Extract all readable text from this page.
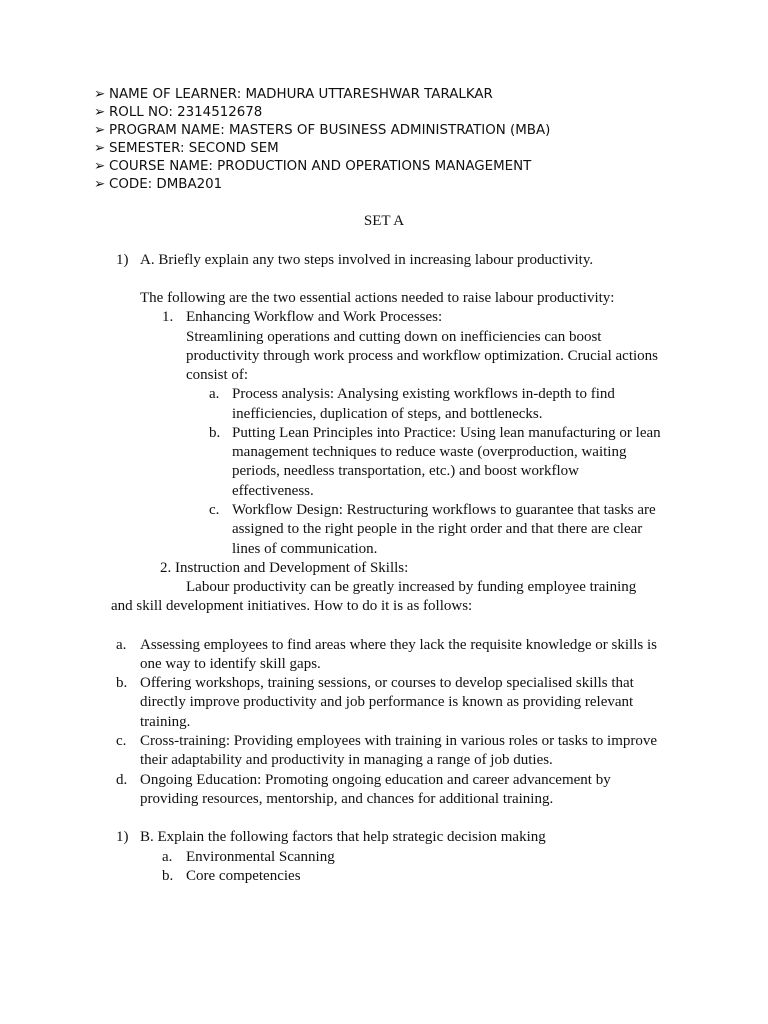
➢ NAME OF LEARNER: MADHURA UTTARESHWAR TARALKAR
➢ ROLL NO: 2314512678
➢ PROGRAM NAME: MASTERS OF BUSINESS ADMINISTRATION (MBA)
➢ SEMESTER: SECOND SEM
➢ COURSE NAME: PRODUCTION AND OPERATIONS MANAGEMENT
➢ CODE: DMBA201
SET A
1) A. Briefly explain any two steps involved in increasing labour productivity.
The following are the two essential actions needed to raise labour productivity:
1. Enhancing Workflow and Work Processes:
Streamlining operations and cutting down on inefficiencies can boost
productivity through work process and workflow optimization. Crucial actions
consist of:
a. Process analysis: Analysing existing workflows in-depth to find
inefficiencies, duplication of steps, and bottlenecks.
b. Putting Lean Principles into Practice: Using lean manufacturing or lean
management techniques to reduce waste (overproduction, waiting
periods, needless transportation, etc.) and boost workflow
effectiveness.
c. Workflow Design: Restructuring workflows to guarantee that tasks are
assigned to the right people in the right order and that there are clear
lines of communication.
2. Instruction and Development of Skills:
Labour productivity can be greatly increased by funding employee training
and skill development initiatives. How to do it is as follows:
a. Assessing employees to find areas where they lack the requisite knowledge or skills is
one way to identify skill gaps.
b. Offering workshops, training sessions, or courses to develop specialised skills that
directly improve productivity and job performance is known as providing relevant
training.
c. Cross-training: Providing employees with training in various roles or tasks to improve
their adaptability and productivity in managing a range of job duties.
d. Ongoing Education: Promoting ongoing education and career advancement by
providing resources, mentorship, and chances for additional training.
1) B. Explain the following factors that help strategic decision making
a. Environmental Scanning
b. Core competencies
